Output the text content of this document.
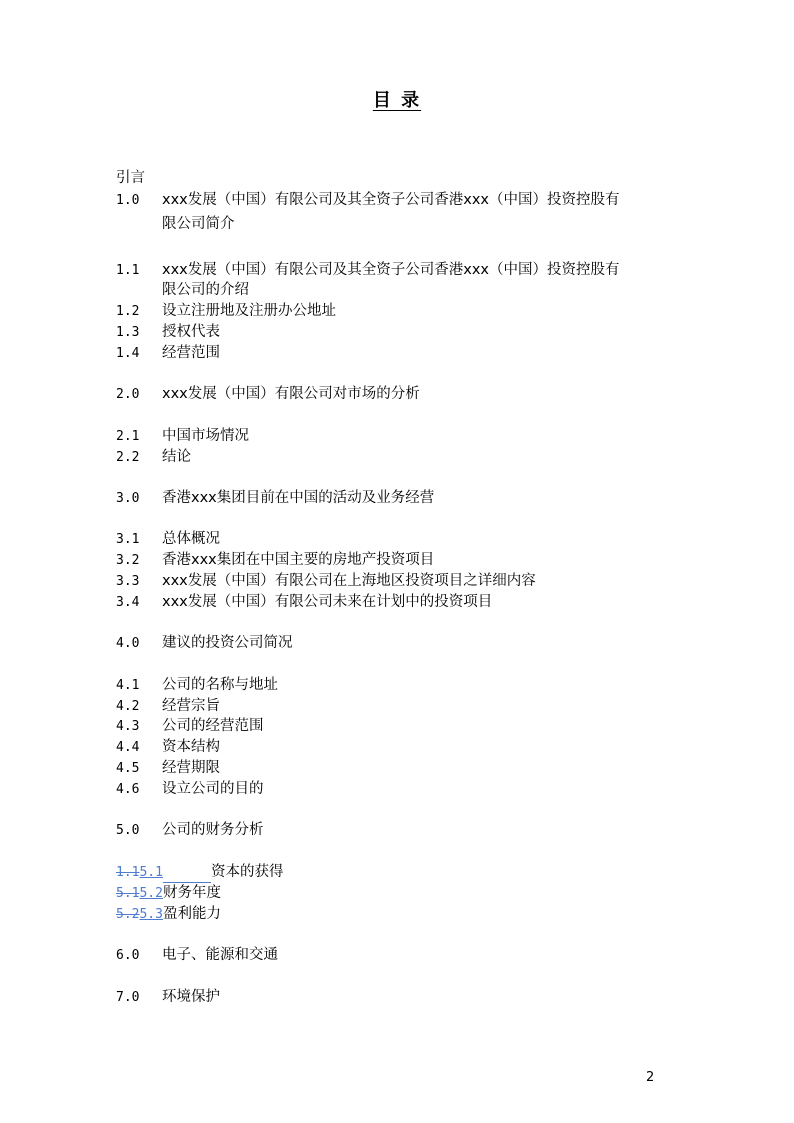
目 录
引言
1.0 xxx发展（中国）有限公司及其全资子公司香港xxx（中国）投资控股有
限公司简介
1.1 xxx发展（中国）有限公司及其全资子公司香港xxx（中国）投资控股有
限公司的介绍
1.2 设立注册地及注册办公地址
1.3 授权代表
1.4 经营范围
2.0 xxx发展（中国）有限公司对市场的分析
2.1 中国市场情况
2.2 结论
3.0 香港xxx集团目前在中国的活动及业务经营
3.1 总体概况
3.2 香港xxx集团在中国主要的房地产投资项目
3.3 xxx发展（中国）有限公司在上海地区投资项目之详细内容
3.4 xxx发展（中国）有限公司未来在计划中的投资项目
4.0 建议的投资公司简况
4.1 公司的名称与地址
4.2 经营宗旨
4.3 公司的经营范围
4.4 资本结构
4.5 经营期限
4.6 设立公司的目的
5.0 公司的财务分析
1.15.1	资本的获得
5.15.2财务年度
5.25.3盈利能力
6.0 电子、能源和交通
7.0 环境保护
2
